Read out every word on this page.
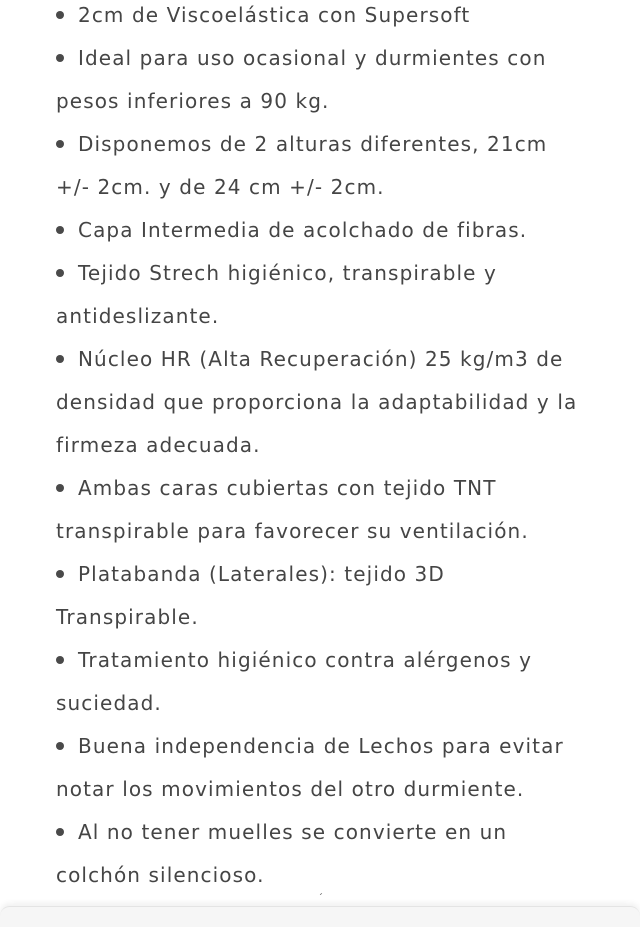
2cm de Viscoelástica con Supersoft
Ideal para uso ocasional y durmientes con
pesos inferiores a 90 kg.
Disponemos de 2 alturas diferentes, 21cm
+/- 2cm. y de 24 cm +/- 2cm.
Capa Intermedia de acolchado de fibras.
Tejido Strech higiénico, transpirable y
antideslizante.
Núcleo HR (Alta Recuperación) 25 kg/m3 de
densidad que proporciona la adaptabilidad y la
firmeza adecuada.
Ambas caras cubiertas con tejido TNT
transpirable para favorecer su ventilación.
Platabanda (Laterales): tejido 3D
Transpirable.
Tratamiento higiénico contra alérgenos y
suciedad.
Buena independencia de Lechos para evitar
notar los movimientos del otro durmiente.
Al no tener muelles se convierte en un
colchón silencioso.
´
